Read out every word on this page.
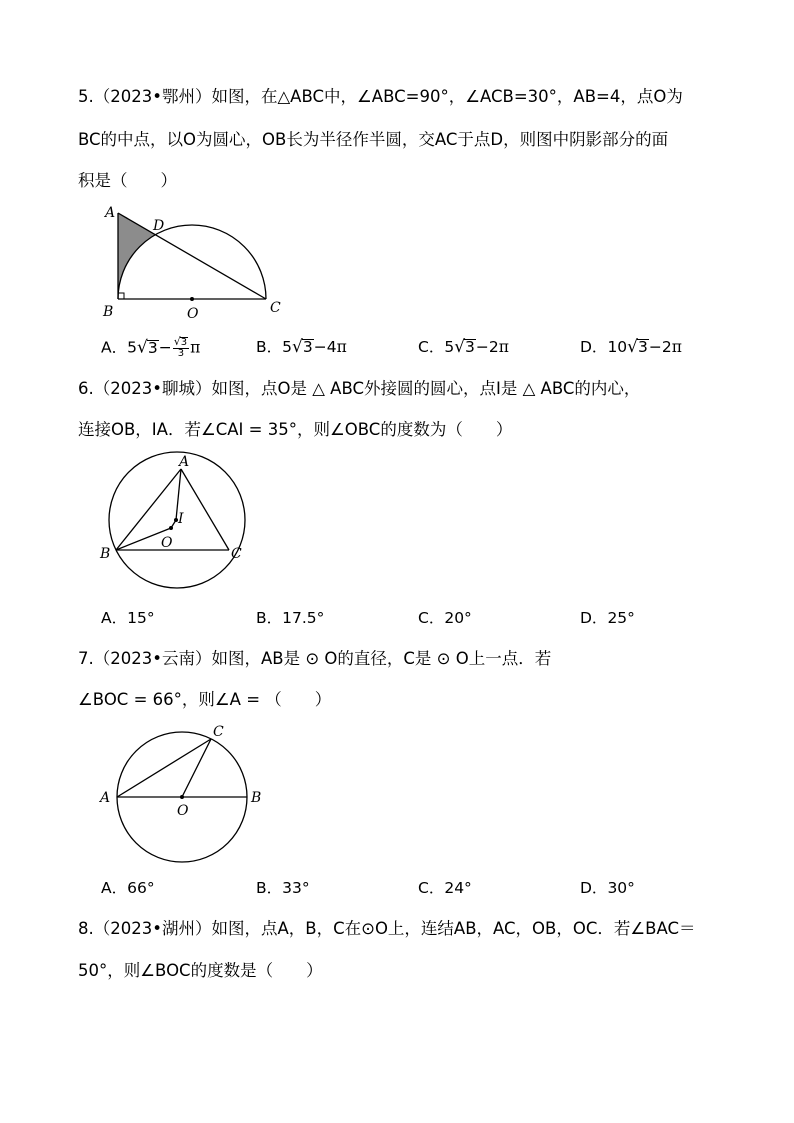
5.（2023•鄂州）如图，在△ABC中，∠ABC=90°，∠ACB=30°，AB=4，点O为
BC的中点，以O为圆心，OB长为半径作半圆，交AC于点D，则图中阴影部分的面
积是（　　）
A
D
B	O	C
A．$5√3- \frac{√3}{3}$ π	B．5√3−4π	C．5√3−2π	D．10√3−2π
6.（2023•聊城）如图，点O是 △ ABC外接圆的圆心，点I是 △ ABC的内心，
连接OB，IA．若∠CAI = 35°，则∠OBC的度数为（　　）
A
I
O
B	C
A．15°	B．17.5°	C．20°	D．25°
7.（2023•云南）如图，AB是 ⊙ O的直径，C是 ⊙ O上一点．若
∠BOC = 66°，则∠A = （　　）
C
A	B
O
A．66°	B．33°	C．24°	D．30°
8.（2023•湖州）如图，点A，B，C在⊙O上，连结AB，AC，OB，OC．若∠BAC＝
50°，则∠BOC的度数是（　　）
